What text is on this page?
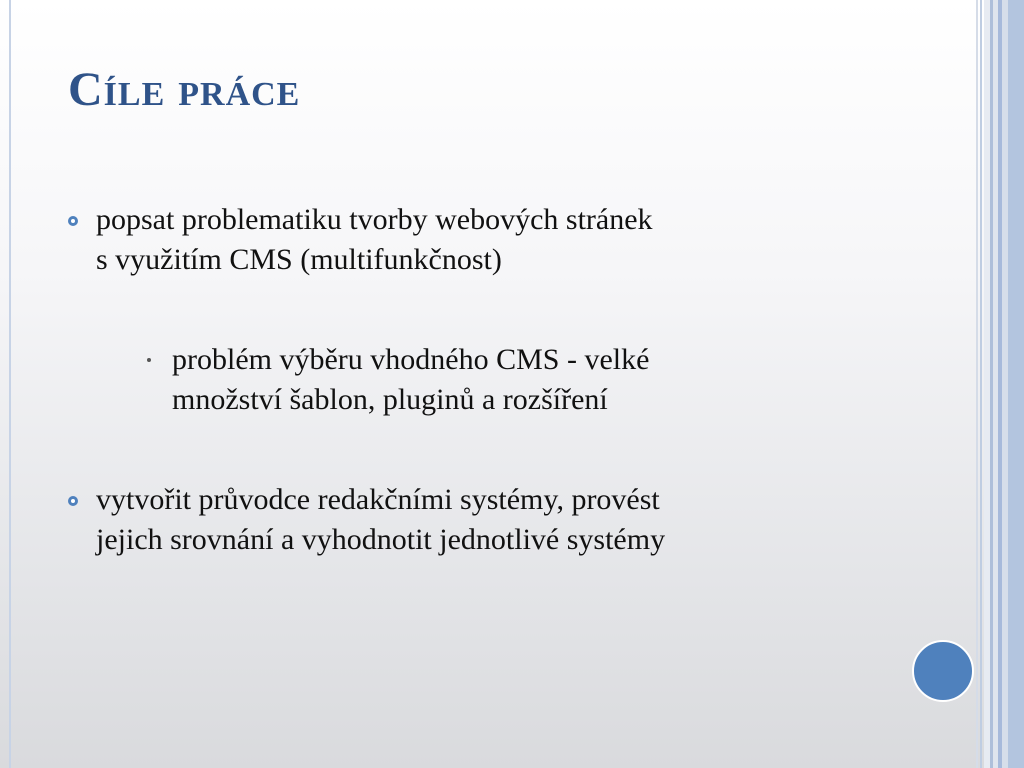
Cíle práce
popsat problematiku tvorby webových stránek
s využitím CMS (multifunkčnost)
problém výběru vhodného CMS - velké
množství šablon, pluginů a rozšíření
vytvořit průvodce redakčními systémy, provést
jejich srovnání a vyhodnotit jednotlivé systémy
